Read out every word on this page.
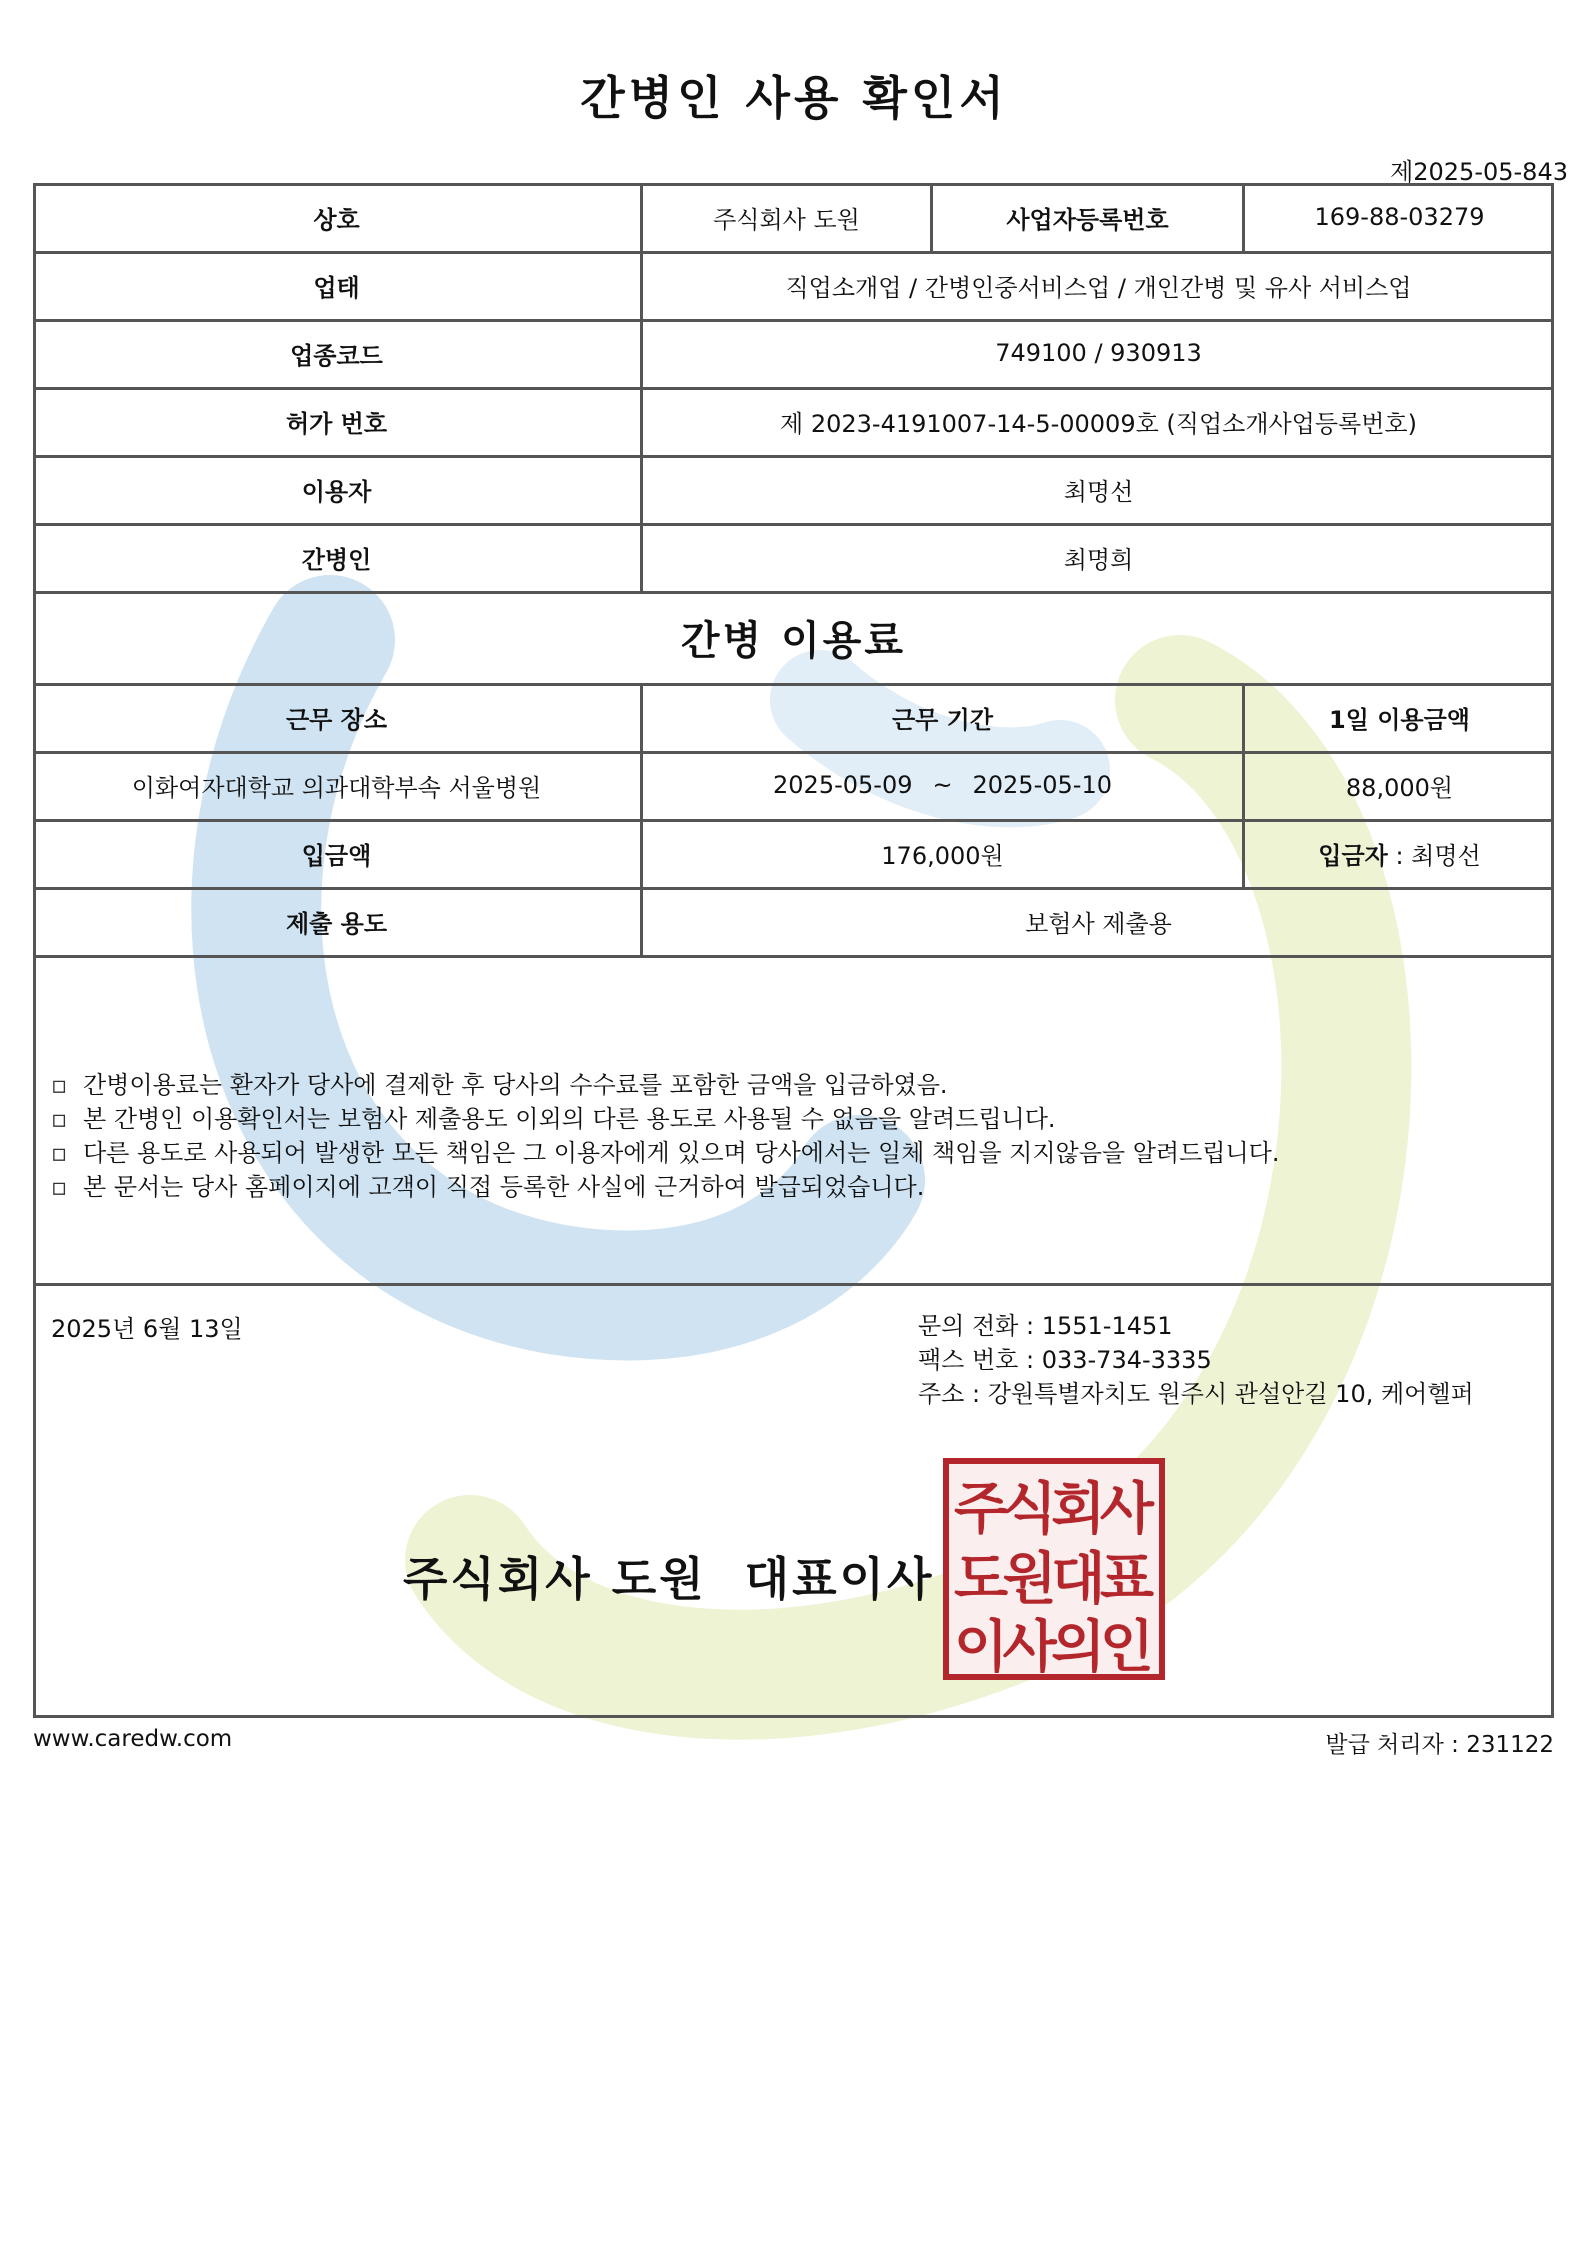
간병인 사용 확인서
제2025-05-843
상호	주식회사 도원	사업자등록번호	169-88-03279
업태	직업소개업 / 간병인중서비스업 / 개인간병 및 유사 서비스업
업종코드	749100 / 930913
허가 번호	제 2023-4191007-14-5-00009호 (직업소개사업등록번호)
이용자	최명선
간병인	최명희
간병 이용료
근무 장소	근무 기간	1일 이용금액
이화여자대학교 의과대학부속 서울병원	2025-05-09 ~ 2025-05-10	88,000원
입금액	176,000원	입금자 : 최명선
제출 용도	보험사 제출용
▫ 간병이용료는 환자가 당사에 결제한 후 당사의 수수료를 포함한 금액을 입금하였음.
▫ 본 간병인 이용확인서는 보험사 제출용도 이외의 다른 용도로 사용될 수 없음을 알려드립니다.
▫ 다른 용도로 사용되어 발생한 모든 책임은 그 이용자에게 있으며 당사에서는 일체 책임을 지지않음을 알려드립니다.
▫ 본 문서는 당사 홈페이지에 고객이 직접 등록한 사실에 근거하여 발급되었습니다.
2025년 6월 13일	문의 전화 : 1551-1451
팩스 번호 : 033-734-3335
주소 : 강원특별자치도 원주시 관설안길 10, 케어헬퍼
주식회사 도원  대표이사
주식회사
도원대표
이사의인
www.caredw.com	발급 처리자 : 231122
